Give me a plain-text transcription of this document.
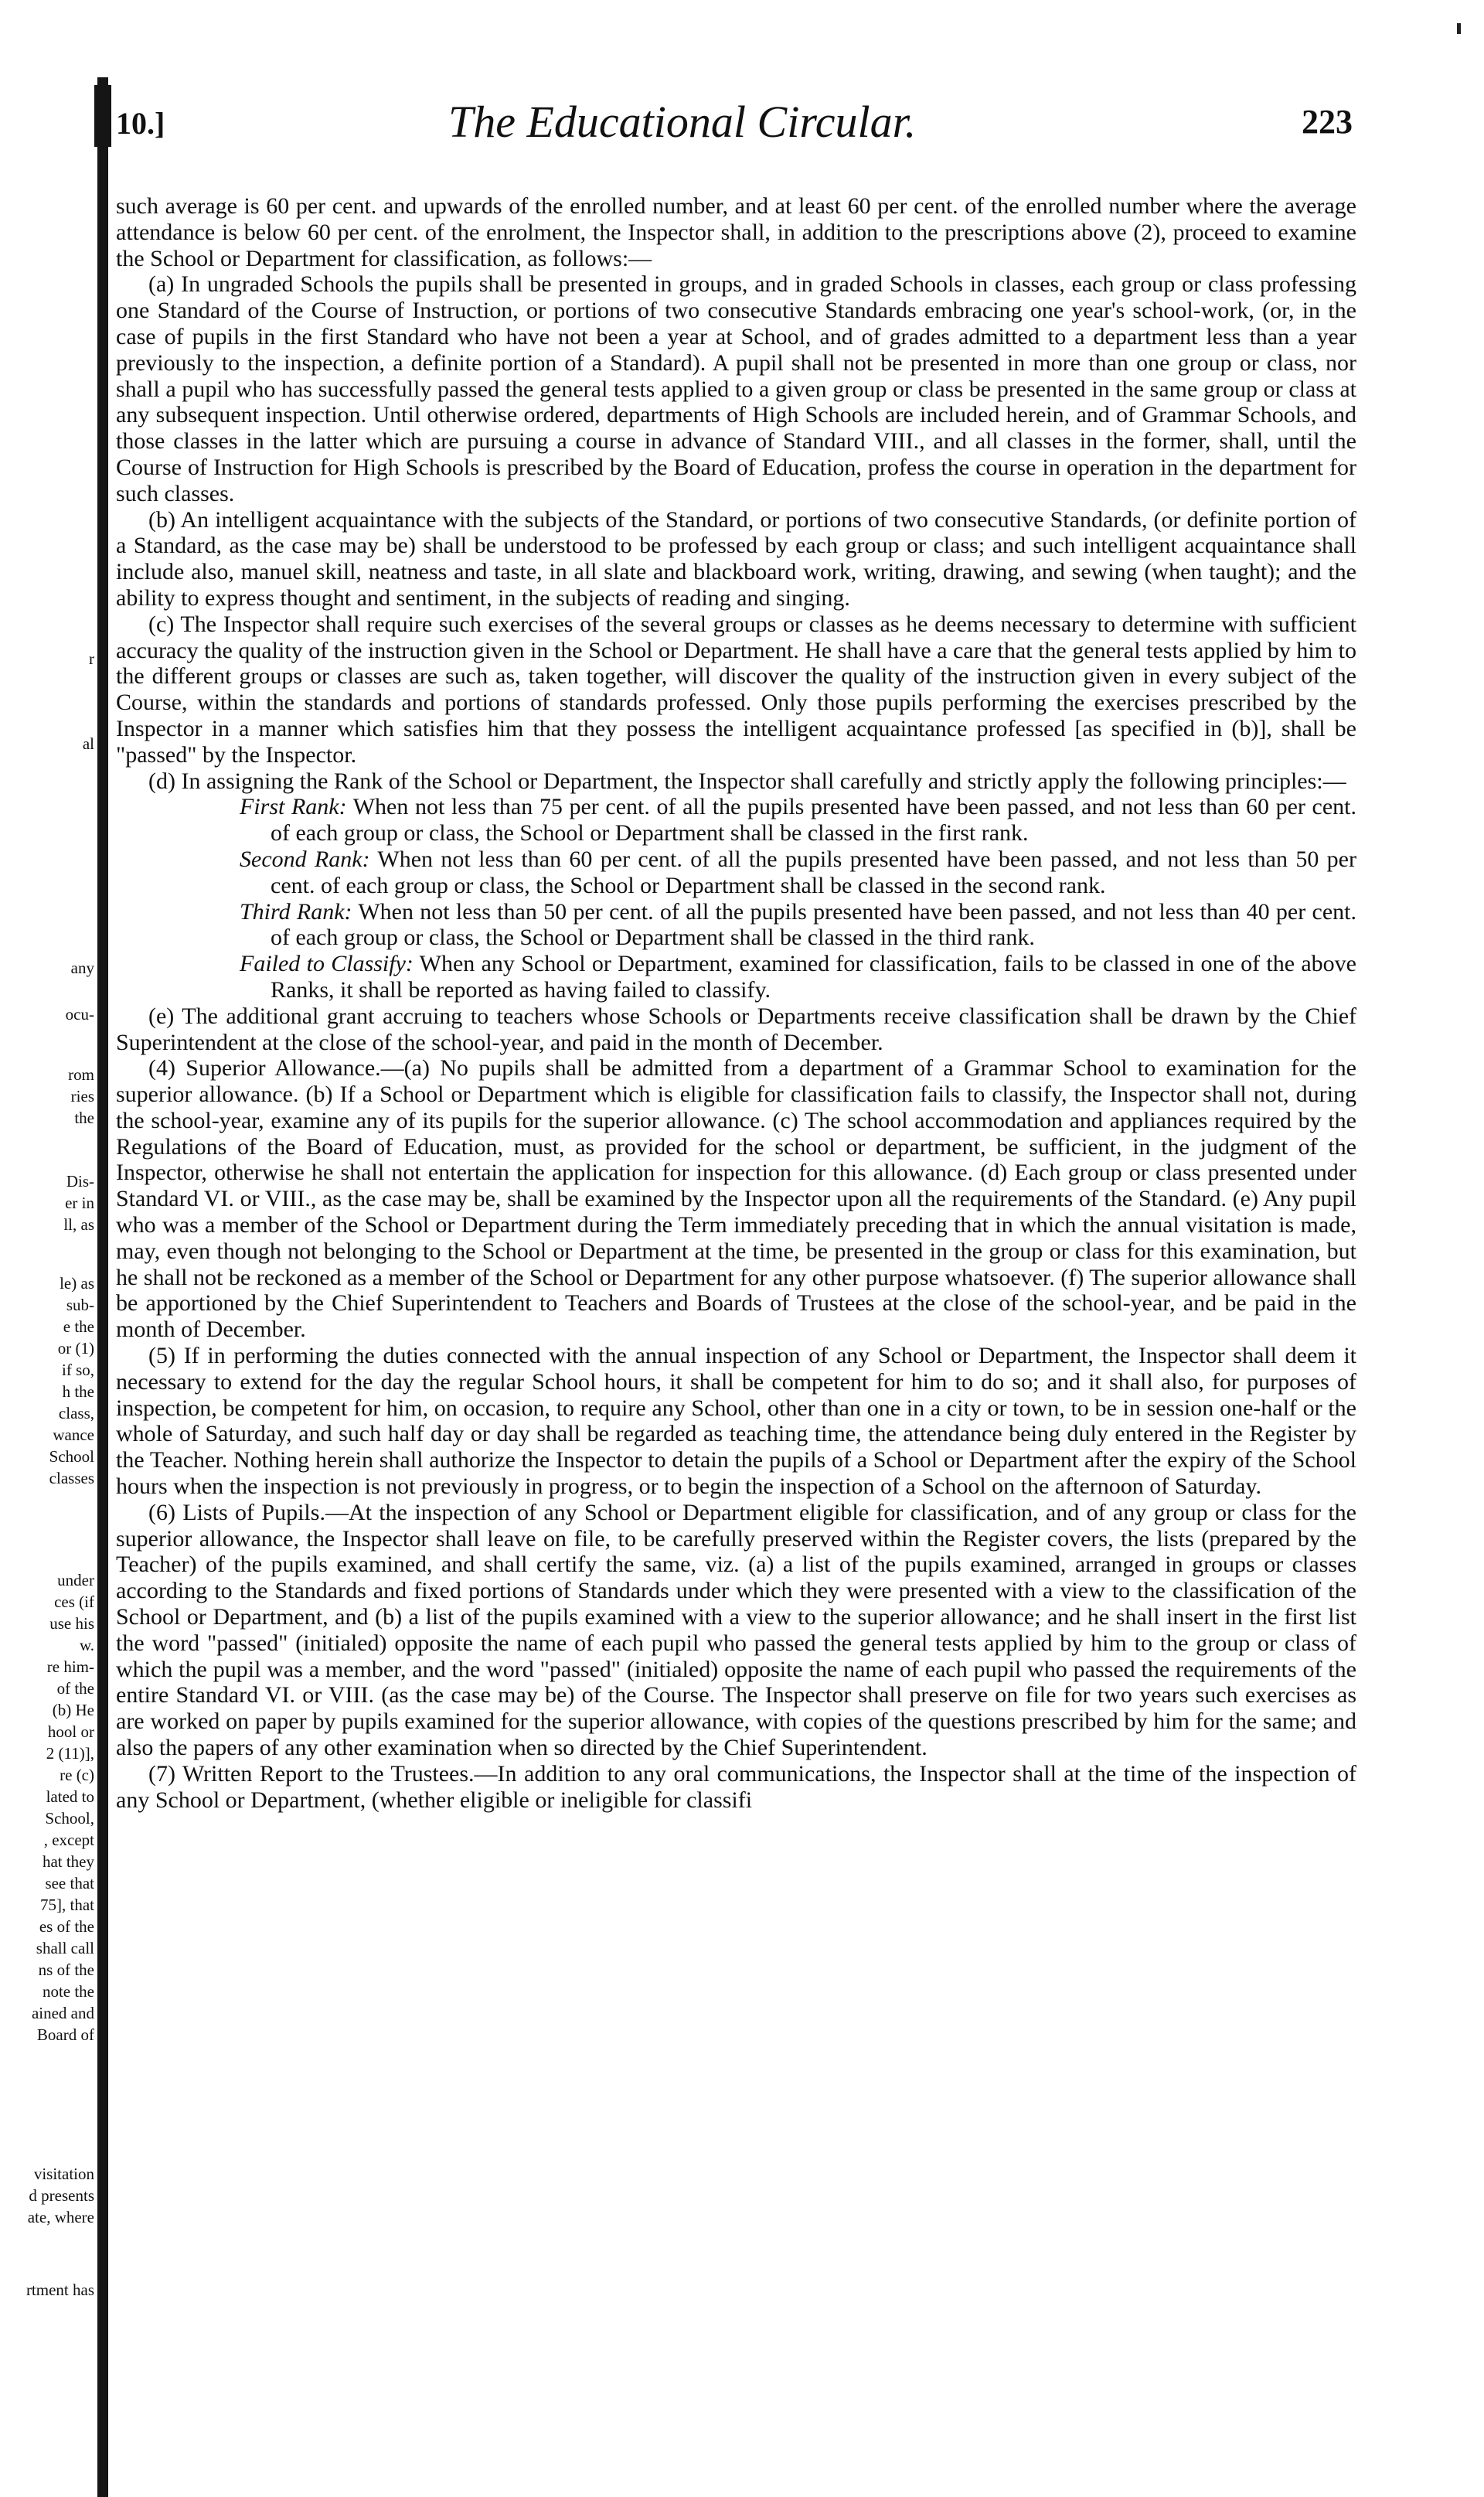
r
al
any
ocu-
rom
ries
the
Dis-
er in
ll, as
le) as
sub-
e the
or (1)
if so,
h the
class,
wance
School
classes
under
ces (if
use his
w.
re him-
of the
(b) He
hool or
2 (11)],
re (c)
lated to
School,
, except
hat they
see that
75], that
es of the
shall call
ns of the
note the
ained and
Board of
visitation
d presents
ate, where
rtment has
10.]	The Educational Circular.	223

such average is 60 per cent. and upwards of the enrolled number, and at least 60 per cent. of the enrolled number where the average attendance is below 60 per cent. of the enrolment, the Inspector shall, in addition to the prescriptions above (2), proceed to examine the School or Department for classification, as follows:—

(a) In ungraded Schools the pupils shall be presented in groups, and in graded Schools in classes, each group or class professing one Standard of the Course of Instruction, or portions of two consecutive Standards embracing one year's school-work, (or, in the case of pupils in the first Standard who have not been a year at School, and of grades admitted to a department less than a year previously to the inspection, a definite portion of a Standard). A pupil shall not be presented in more than one group or class, nor shall a pupil who has successfully passed the general tests applied to a given group or class be presented in the same group or class at any subsequent inspection. Until otherwise ordered, departments of High Schools are included herein, and of Grammar Schools, and those classes in the latter which are pursuing a course in advance of Standard VIII., and all classes in the former, shall, until the Course of Instruction for High Schools is prescribed by the Board of Education, profess the course in operation in the department for such classes.

(b) An intelligent acquaintance with the subjects of the Standard, or portions of two consecutive Standards, (or definite portion of a Standard, as the case may be) shall be understood to be professed by each group or class; and such intelligent acquaintance shall include also, manuel skill, neatness and taste, in all slate and blackboard work, writing, drawing, and sewing (when taught); and the ability to express thought and sentiment, in the subjects of reading and singing.

(c) The Inspector shall require such exercises of the several groups or classes as he deems necessary to determine with sufficient accuracy the quality of the instruction given in the School or Department. He shall have a care that the general tests applied by him to the different groups or classes are such as, taken together, will discover the quality of the instruction given in every subject of the Course, within the standards and portions of standards professed. Only those pupils performing the exercises prescribed by the Inspector in a manner which satisfies him that they possess the intelligent acquaintance professed [as specified in (b)], shall be "passed" by the Inspector.

(d) In assigning the Rank of the School or Department, the Inspector shall carefully and strictly apply the following principles:—

First Rank: When not less than 75 per cent. of all the pupils presented have been passed, and not less than 60 per cent. of each group or class, the School or Department shall be classed in the first rank.

Second Rank: When not less than 60 per cent. of all the pupils presented have been passed, and not less than 50 per cent. of each group or class, the School or Department shall be classed in the second rank.

Third Rank: When not less than 50 per cent. of all the pupils presented have been passed, and not less than 40 per cent. of each group or class, the School or Department shall be classed in the third rank.

Failed to Classify: When any School or Department, examined for classification, fails to be classed in one of the above Ranks, it shall be reported as having failed to classify.

(e) The additional grant accruing to teachers whose Schools or Departments receive classification shall be drawn by the Chief Superintendent at the close of the school-year, and paid in the month of December.

(4) Superior Allowance.—(a) No pupils shall be admitted from a department of a Grammar School to examination for the superior allowance. (b) If a School or Department which is eligible for classification fails to classify, the Inspector shall not, during the school-year, examine any of its pupils for the superior allowance. (c) The school accommodation and appliances required by the Regulations of the Board of Education, must, as provided for the school or department, be sufficient, in the judgment of the Inspector, otherwise he shall not entertain the application for inspection for this allowance. (d) Each group or class presented under Standard VI. or VIII., as the case may be, shall be examined by the Inspector upon all the requirements of the Standard. (e) Any pupil who was a member of the School or Department during the Term immediately preceding that in which the annual visitation is made, may, even though not belonging to the School or Department at the time, be presented in the group or class for this examination, but he shall not be reckoned as a member of the School or Department for any other purpose whatsoever. (f) The superior allowance shall be apportioned by the Chief Superintendent to Teachers and Boards of Trustees at the close of the school-year, and be paid in the month of December.

(5) If in performing the duties connected with the annual inspection of any School or Department, the Inspector shall deem it necessary to extend for the day the regular School hours, it shall be competent for him to do so; and it shall also, for purposes of inspection, be competent for him, on occasion, to require any School, other than one in a city or town, to be in session one-half or the whole of Saturday, and such half day or day shall be regarded as teaching time, the attendance being duly entered in the Register by the Teacher. Nothing herein shall authorize the Inspector to detain the pupils of a School or Department after the expiry of the School hours when the inspection is not previously in progress, or to begin the inspection of a School on the afternoon of Saturday.

(6) Lists of Pupils.—At the inspection of any School or Department eligible for classification, and of any group or class for the superior allowance, the Inspector shall leave on file, to be carefully preserved within the Register covers, the lists (prepared by the Teacher) of the pupils examined, and shall certify the same, viz. (a) a list of the pupils examined, arranged in groups or classes according to the Standards and fixed portions of Standards under which they were presented with a view to the classification of the School or Department, and (b) a list of the pupils examined with a view to the superior allowance; and he shall insert in the first list the word "passed" (initialed) opposite the name of each pupil who passed the general tests applied by him to the group or class of which the pupil was a member, and the word "passed" (initialed) opposite the name of each pupil who passed the requirements of the entire Standard VI. or VIII. (as the case may be) of the Course. The Inspector shall preserve on file for two years such exercises as are worked on paper by pupils examined for the superior allowance, with copies of the questions prescribed by him for the same; and also the papers of any other examination when so directed by the Chief Superintendent.

(7) Written Report to the Trustees.—In addition to any oral communications, the Inspector shall at the time of the inspection of any School or Department, (whether eligible or ineligible for classifi
